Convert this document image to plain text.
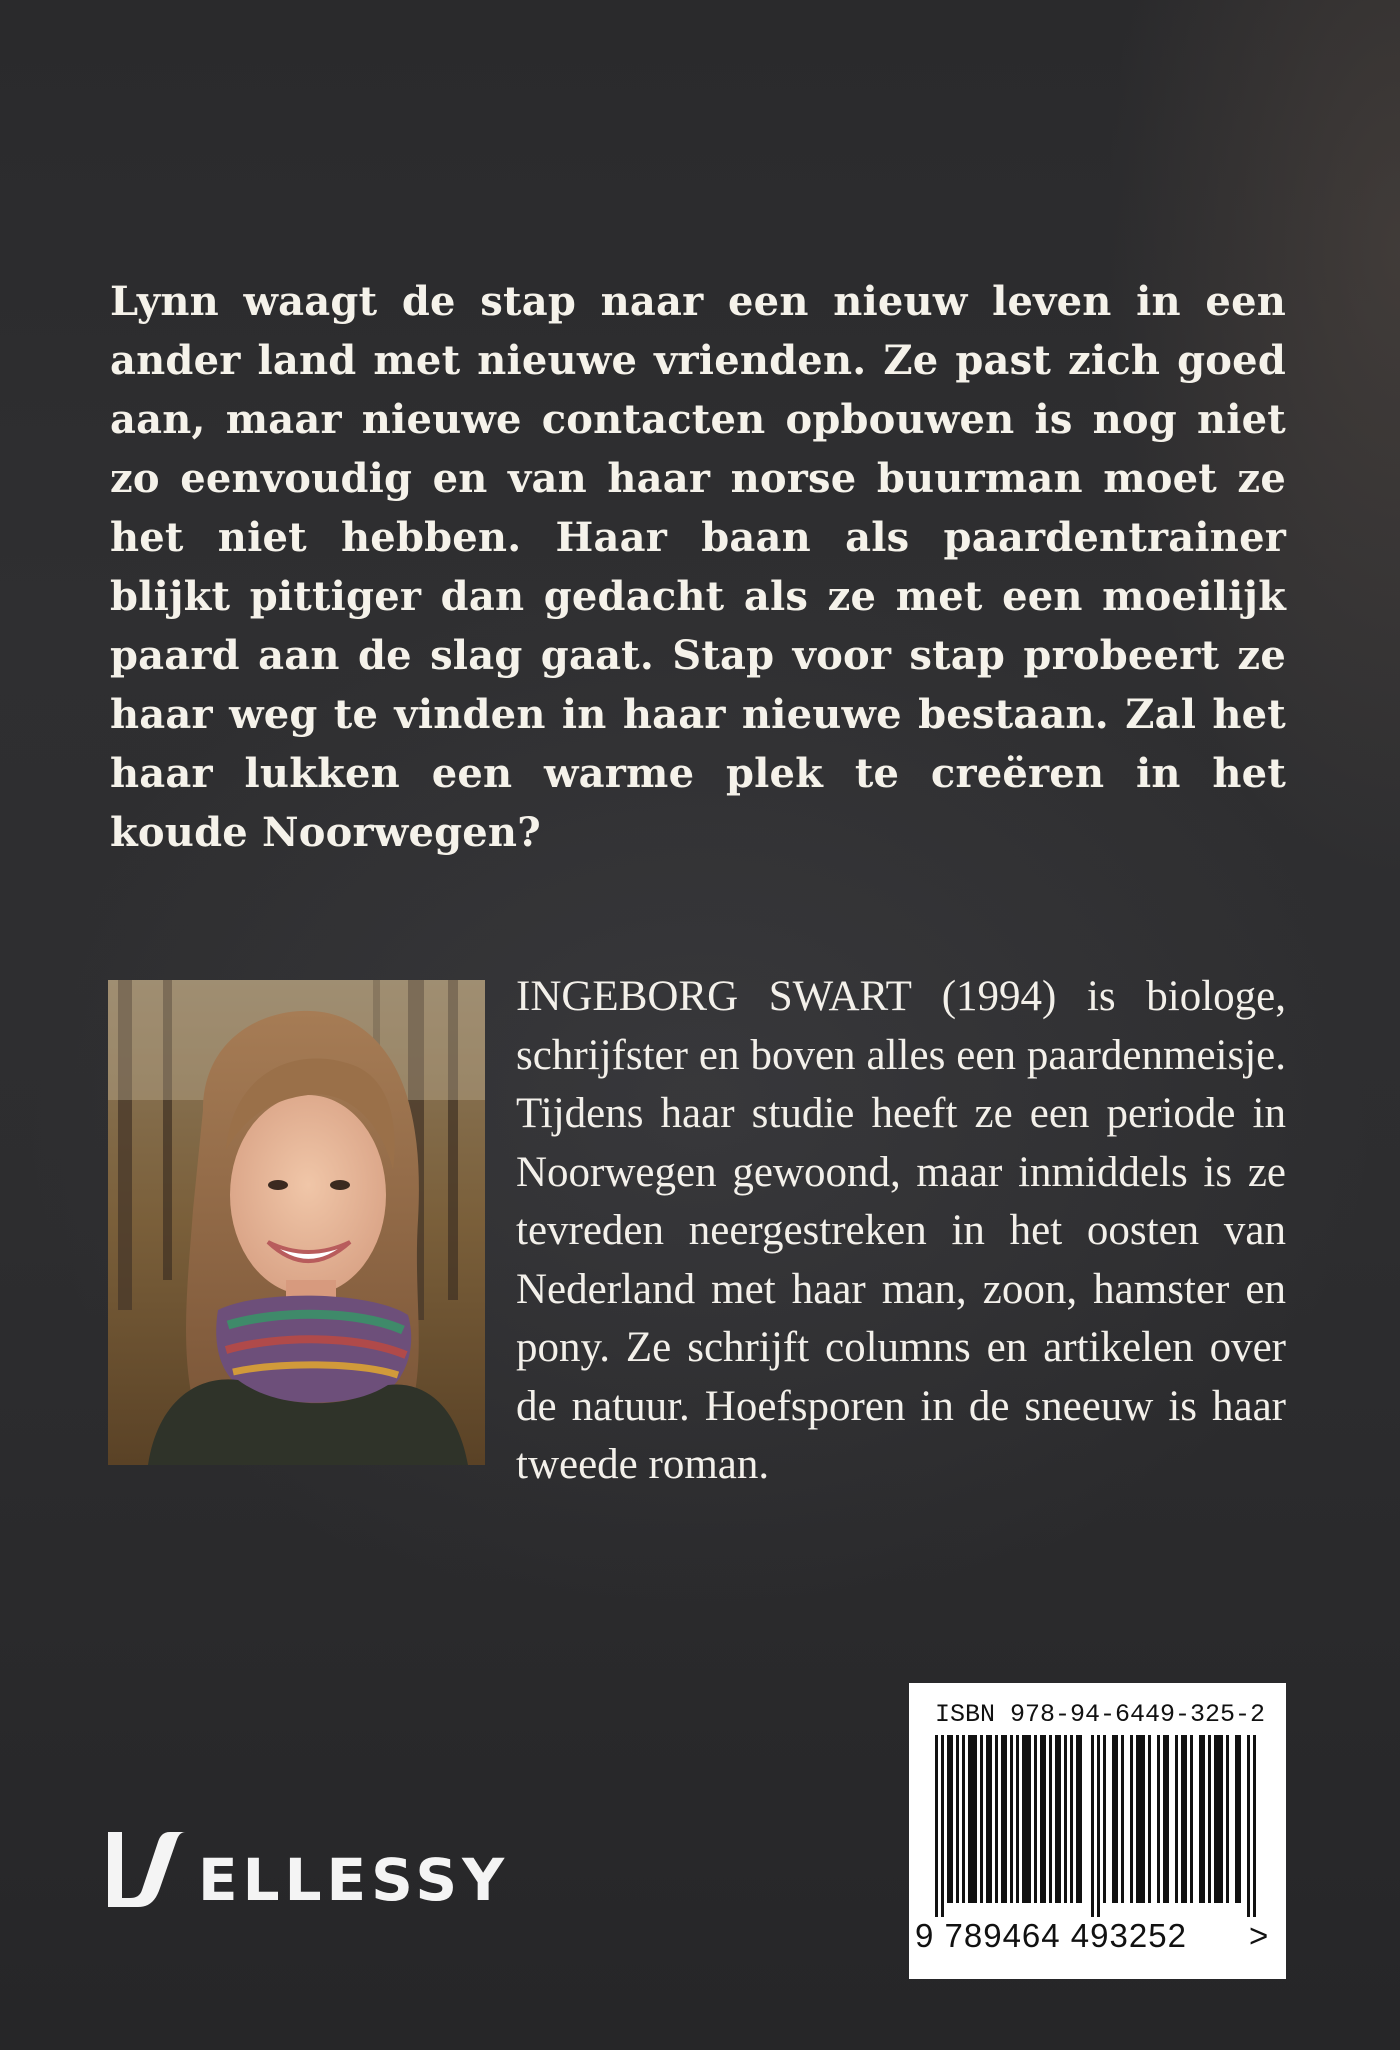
Lynn waagt de stap naar een nieuw leven in een ander land met nieuwe vrienden. Ze past zich goed aan, maar nieuwe contacten opbouwen is nog niet zo eenvoudig en van haar norse buurman moet ze het niet hebben. Haar baan als paardentrainer blijkt pittiger dan gedacht als ze met een moeilijk paard aan de slag gaat. Stap voor stap probeert ze haar weg te vinden in haar nieuwe bestaan. Zal het haar lukken een warme plek te creëren in het koude Noorwegen?

INGEBORG SWART (1994) is biologe, schrijfster en boven alles een paardenmeisje. Tijdens haar studie heeft ze een periode in Noorwegen gewoond, maar inmiddels is ze tevreden neergestreken in het oosten van Nederland met haar man, zoon, hamster en pony. Ze schrijft columns en artikelen over de natuur. Hoefsporen in de sneeuw is haar tweede roman.

ELLESSY
ISBN 978-94-6449-325-2
9 789464 493252 >
